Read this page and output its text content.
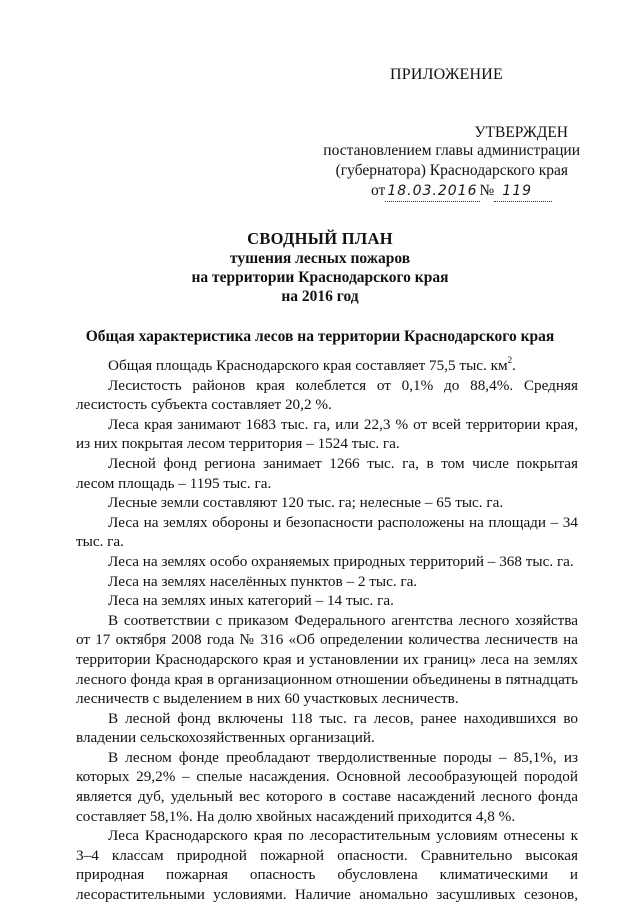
ПРИЛОЖЕНИЕ
УТВЕРЖДЕН
постановлением главы администрации
(губернатора) Краснодарского края
от 18.03.2016 № 119
СВОДНЫЙ ПЛАН
тушения лесных пожаров
на территории Краснодарского края
на 2016 год
Общая характеристика лесов на территории Краснодарского края

Общая площадь Краснодарского края составляет 75,5 тыс. $км^2$.

Лесистость районов края колеблется от 0,1% до 88,4%. Средняя лесистость субъекта составляет 20,2 %.

Леса края занимают 1683 тыс. га, или 22,3 % от всей территории края, из них покрытая лесом территория – 1524 тыс. га.

Лесной фонд региона занимает 1266 тыс. га, в том числе покрытая лесом площадь – 1195 тыс. га.

Лесные земли составляют 120 тыс. га; нелесные – 65 тыс. га.

Леса на землях обороны и безопасности расположены на площади – 34 тыс. га.

Леса на землях особо охраняемых природных территорий – 368 тыс. га.

Леса на землях населённых пунктов – 2 тыс. га.

Леса на землях иных категорий – 14 тыс. га.

В соответствии с приказом Федерального агентства лесного хозяйства от 17 октября 2008 года № 316 «Об определении количества лесничеств на территории Краснодарского края и установлении их границ» леса на землях лесного фонда края в организационном отношении объединены в пятнадцать лесничеств с выделением в них 60 участковых лесничеств.

В лесной фонд включены 118 тыс. га лесов, ранее находившихся во владении сельскохозяйственных организаций.

В лесном фонде преобладают твердолиственные породы – 85,1%, из которых 29,2% – спелые насаждения. Основной лесообразующей породой является дуб, удельный вес которого в составе насаждений лесного фонда составляет 58,1%. На долю хвойных насаждений приходится 4,8 %.

Леса Краснодарского края по лесорастительным условиям отнесены к 3–4 классам природной пожарной опасности. Сравнительно высокая природная пожарная опасность обусловлена климатическими и лесорастительными условиями. Наличие аномально засушливых сезонов,
